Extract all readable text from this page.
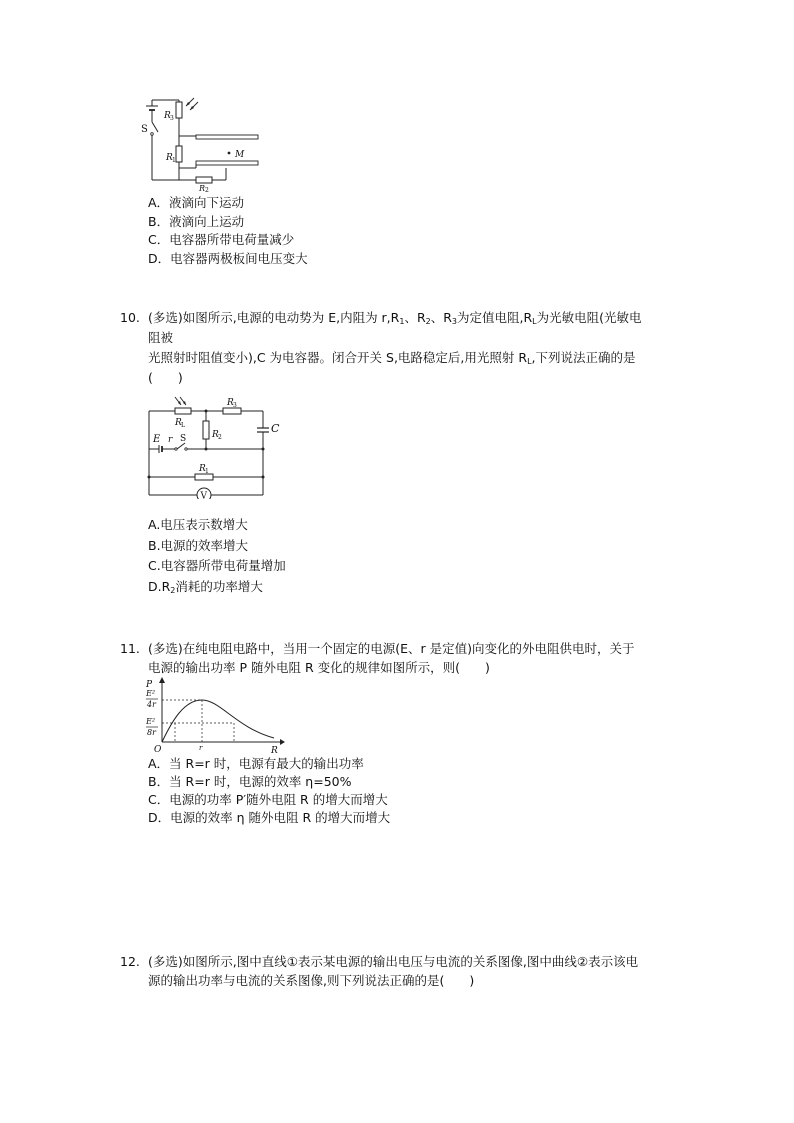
S
R 3
M
R 1
R 2
A．液滴向下运动
B．液滴向上运动
C．电容器所带电荷量减少
D．电容器两极板间电压变大
10. (多选)如图所示,电源的电动势为 E,内阻为 $r,R_1$、$R_2$、$R_3$为定值电阻$,R_L$为光敏电阻(光敏电
阻被
光照射时阻值变小),C 为电容器。闭合开关 S,电路稳定后,用光照射 $R_L$,下列说法正确的是
(　　)
R L
R 3
R 2
E r S
R 1
V
C
A.电压表示数增大
B.电源的效率增大
C.电容器所带电荷量增加
$D.R_2$消耗的功率增大
11. (多选)在纯电阻电路中，当用一个固定的电源(E、r 是定值)向变化的外电阻供电时，关于
电源的输出功率 P 随外电阻 R 变化的规律如图所示，则(　　)
P
E²
4r
E²
8r
O	r	R
A．当 R=r 时，电源有最大的输出功率
B．当 R=r 时，电源的效率 η=50%
C．电源的功率 P′随外电阻 R 的增大而增大
D．电源的效率 η 随外电阻 R 的增大而增大
12. (多选)如图所示,图中直线①表示某电源的输出电压与电流的关系图像,图中曲线②表示该电
源的输出功率与电流的关系图像,则下列说法正确的是(　　)
